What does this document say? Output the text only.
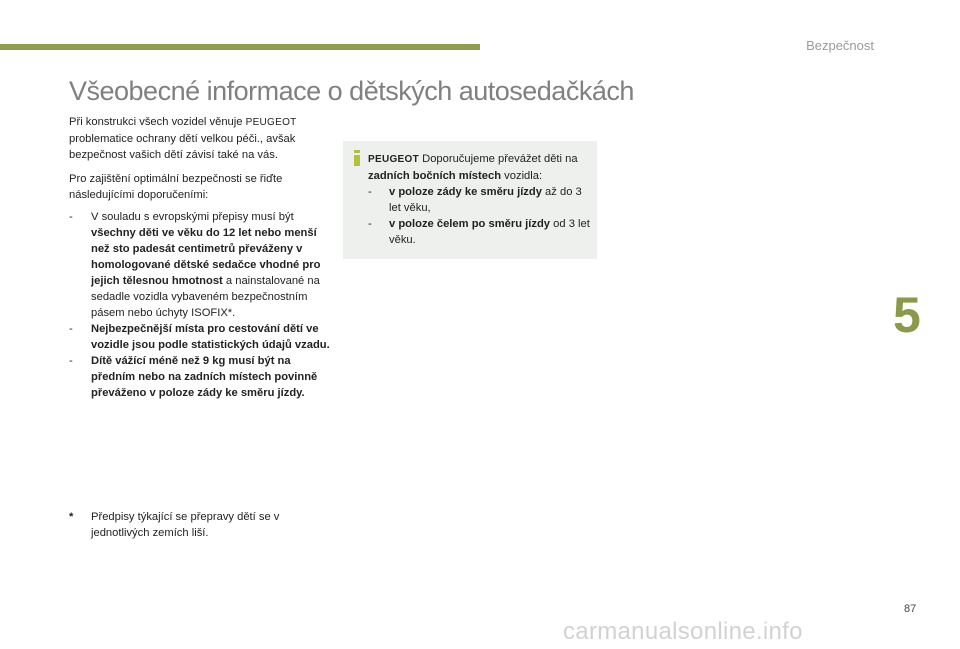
Bezpečnost
5
Všeobecné informace o dětských autosedačkách

Při konstrukci všech vozidel věnuje PEUGEOT problematice ochrany dětí velkou péči., avšak bezpečnost vašich dětí závisí také na vás.

Pro zajištění optimální bezpečnosti se řiďte následujícími doporučeními:

- V souladu s evropskými přepisy musí být všechny děti ve věku do 12 let nebo menší než sto padesát centimetrů převáženy v homologované dětské sedačce vhodné pro jejich tělesnou hmotnost a nainstalované na sedadle vozidla vybaveném bezpečnostním pásem nebo úchyty ISOFIX*.
- Nejbezpečnější místa pro cestování dětí ve vozidle jsou podle statistických údajů vzadu.
- Dítě vážící méně než 9 kg musí být na předním nebo na zadních místech povinně převáženo v poloze zády ke směru jízdy.
*	Předpisy týkající se přepravy dětí se v jednotlivých zemích liší.
PEUGEOT Doporučujeme převážet děti na zadních bočních místech vozidla:
- v poloze zády ke směru jízdy až do 3 let věku,
- v poloze čelem po směru jízdy od 3 let věku.
87
carmanualsonline.info
